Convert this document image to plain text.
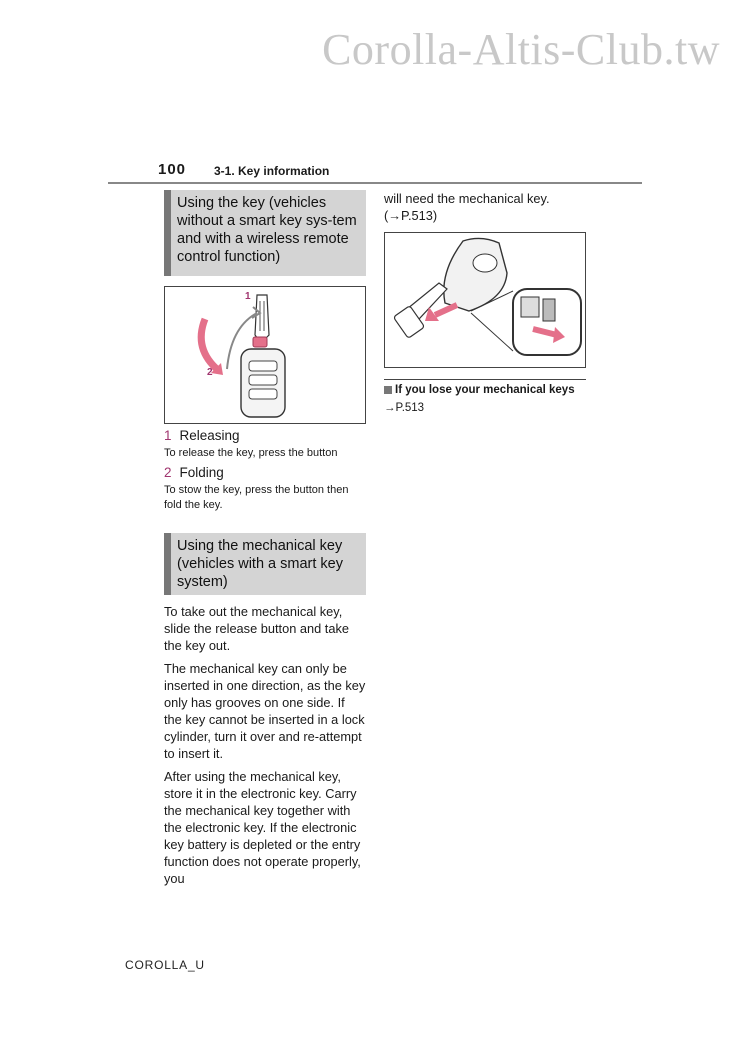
Corolla-Altis-Club.tw
100 3-1. Key information
Using the key (vehicles without a smart key sys-tem and with a wireless remote control function)
1
2
1 Releasing
To release the key, press the button
2 Folding
To stow the key, press the button then fold the key.
Using the mechanical key (vehicles with a smart key system)

To take out the mechanical key, slide the release button and take the key out.

The mechanical key can only be inserted in one direction, as the key only has grooves on one side. If the key cannot be inserted in a lock cylinder, turn it over and re-attempt to insert it.

After using the mechanical key, store it in the electronic key. Carry the mechanical key together with the electronic key. If the electronic key battery is depleted or the entry function does not operate properly, you

will need the mechanical key.
(→P.513)
If you lose your mechanical keys
→P.513
COROLLA_U
